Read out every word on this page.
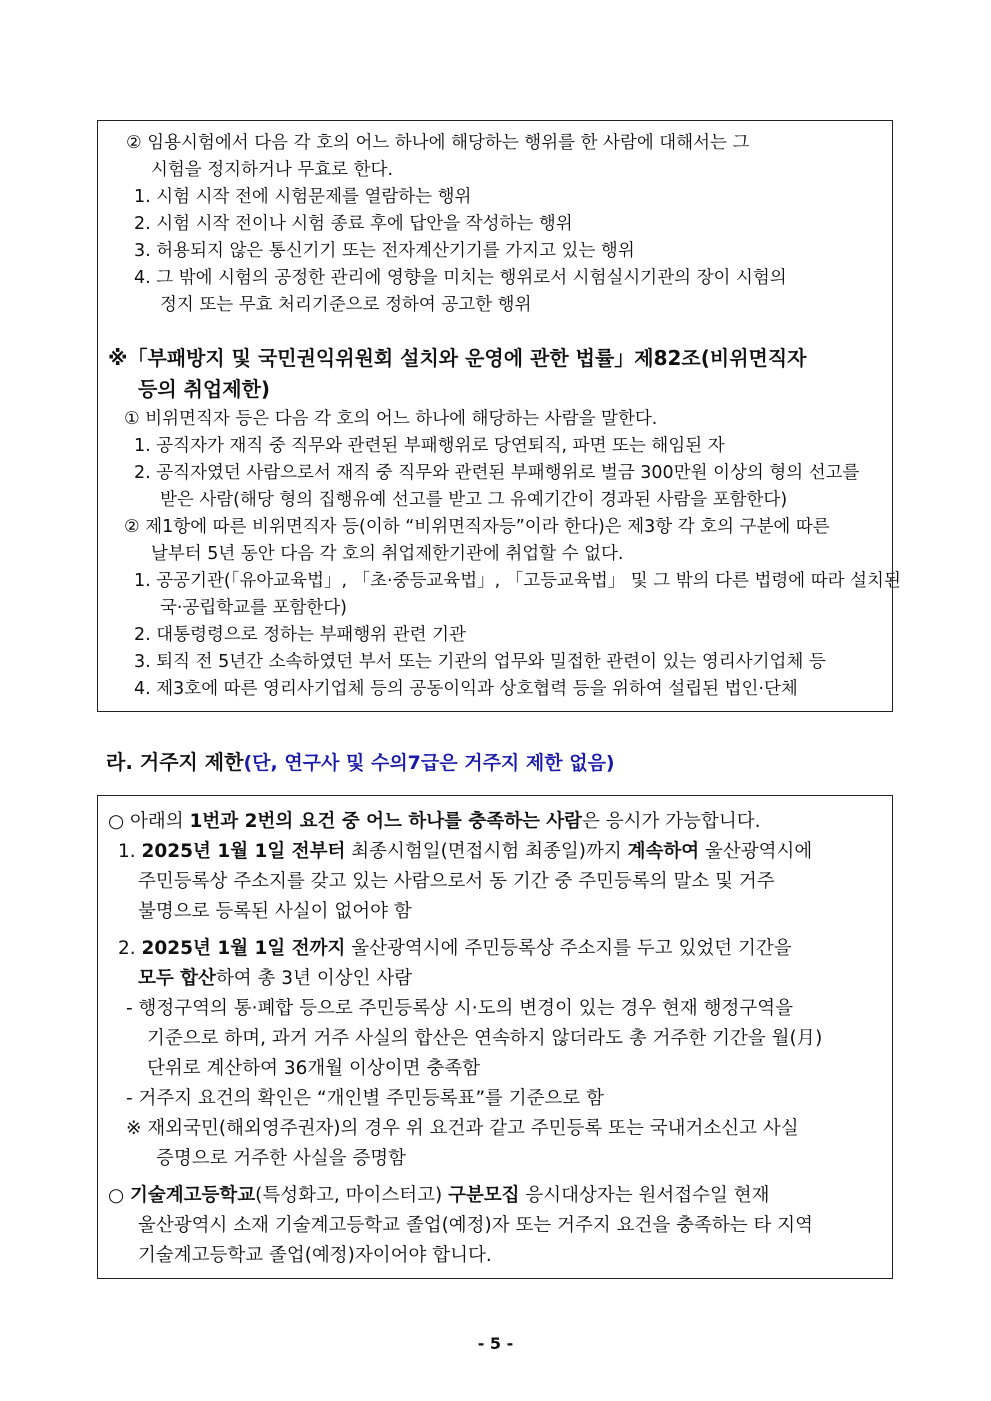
② 임용시험에서 다음 각 호의 어느 하나에 해당하는 행위를 한 사람에 대해서는 그
시험을 정지하거나 무효로 한다.
1. 시험 시작 전에 시험문제를 열람하는 행위
2. 시험 시작 전이나 시험 종료 후에 답안을 작성하는 행위
3. 허용되지 않은 통신기기 또는 전자계산기기를 가지고 있는 행위
4. 그 밖에 시험의 공정한 관리에 영향을 미치는 행위로서 시험실시기관의 장이 시험의
정지 또는 무효 처리기준으로 정하여 공고한 행위
※「부패방지 및 국민권익위원회 설치와 운영에 관한 법률」제82조(비위면직자
등의 취업제한)
① 비위면직자 등은 다음 각 호의 어느 하나에 해당하는 사람을 말한다.
1. 공직자가 재직 중 직무와 관련된 부패행위로 당연퇴직, 파면 또는 해임된 자
2. 공직자였던 사람으로서 재직 중 직무와 관련된 부패행위로 벌금 300만원 이상의 형의 선고를
받은 사람(해당 형의 집행유예 선고를 받고 그 유예기간이 경과된 사람을 포함한다)
② 제1항에 따른 비위면직자 등(이하 “비위면직자등”이라 한다)은 제3항 각 호의 구분에 따른
날부터 5년 동안 다음 각 호의 취업제한기관에 취업할 수 없다.
1. 공공기관(「유아교육법」, 「초·중등교육법」, 「고등교육법」 및 그 밖의 다른 법령에 따라 설치된
국·공립학교를 포함한다)
2. 대통령령으로 정하는 부패행위 관련 기관
3. 퇴직 전 5년간 소속하였던 부서 또는 기관의 업무와 밀접한 관련이 있는 영리사기업체 등
4. 제3호에 따른 영리사기업체 등의 공동이익과 상호협력 등을 위하여 설립된 법인·단체
라. 거주지 제한(단, 연구사 및 수의7급은 거주지 제한 없음)
○ 아래의 1번과 2번의 요건 중 어느 하나를 충족하는 사람은 응시가 가능합니다.
1. 2025년 1월 1일 전부터 최종시험일(면접시험 최종일)까지 계속하여 울산광역시에
주민등록상 주소지를 갖고 있는 사람으로서 동 기간 중 주민등록의 말소 및 거주
불명으로 등록된 사실이 없어야 함
2. 2025년 1월 1일 전까지 울산광역시에 주민등록상 주소지를 두고 있었던 기간을
모두 합산하여 총 3년 이상인 사람
- 행정구역의 통·폐합 등으로 주민등록상 시·도의 변경이 있는 경우 현재 행정구역을
기준으로 하며, 과거 거주 사실의 합산은 연속하지 않더라도 총 거주한 기간을 월(月)
단위로 계산하여 36개월 이상이면 충족함
- 거주지 요건의 확인은 “개인별 주민등록표”를 기준으로 함
※ 재외국민(해외영주권자)의 경우 위 요건과 같고 주민등록 또는 국내거소신고 사실
증명으로 거주한 사실을 증명함
○ 기술계고등학교(특성화고, 마이스터고) 구분모집 응시대상자는 원서접수일 현재
울산광역시 소재 기술계고등학교 졸업(예정)자 또는 거주지 요건을 충족하는 타 지역
기술계고등학교 졸업(예정)자이어야 합니다.
- 5 -
